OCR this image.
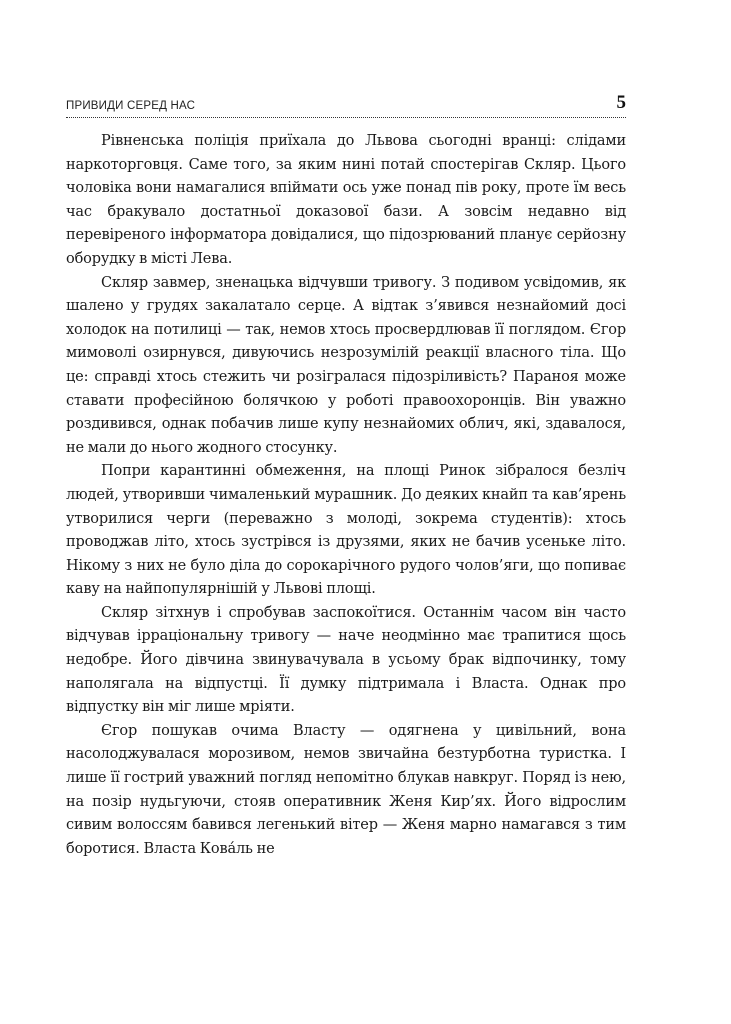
ПРИВИДИ СЕРЕД НАС	5

Рівненська поліція приїхала до Львова сьогодні вранці: слідами наркоторговця. Саме того, за яким нині потай спостерігав Скляр. Цього чоловіка вони намагалися впіймати ось уже понад пів року, проте їм весь час бракувало достатньої доказової бази. А зовсім недавно від перевіреного інформатора довідалися, що підозрюваний планує серйозну оборудку в місті Лева.

Скляр завмер, зненацька відчувши тривогу. З подивом усвідомив, як шалено у грудях закалатало серце. А відтак з’явився незнайомий досі холодок на потилиці — так, немов хтось просвердлював її поглядом. Єгор мимоволі озирнувся, дивуючись незрозумілій реакції власного тіла. Що це: справді хтось стежить чи розігралася підозріливість? Параноя може ставати професійною болячкою у роботі правоохоронців. Він уважно роздивився, однак побачив лише купу незнайомих облич, які, здавалося, не мали до нього жодного стосунку.

Попри карантинні обмеження, на площі Ринок зібралося безліч людей, утворивши чималенький мурашник. До деяких кнайп та кав’ярень утворилися черги (переважно з молоді, зокрема студентів): хтось проводжав літо, хтось зустрівся із друзями, яких не бачив усеньке літо. Нікому з них не було діла до сорокарічного рудого чолов’яги, що попиває каву на найпопулярнішій у Львові площі.

Скляр зітхнув і спробував заспокоїтися. Останнім часом він часто відчував ірраціональну тривогу — наче неодмінно має трапитися щось недобре. Його дівчина звинувачувала в усьому брак відпочинку, тому наполягала на відпустці. Її думку підтримала і Власта. Однак про відпустку він міг лише мріяти.

Єгор пошукав очима Власту — одягнена у цивільний, вона насолоджувалася морозивом, немов звичайна безтурботна туристка. І лише її гострий уважний погляд непомітно блукав навкруг. Поряд із нею, на позір нудьгуючи, стояв оперативник Женя Кир’ях. Його відрослим сивим волоссям бавився легенький вітер — Женя марно намагався з тим боротися. Власта Кова́ль не
